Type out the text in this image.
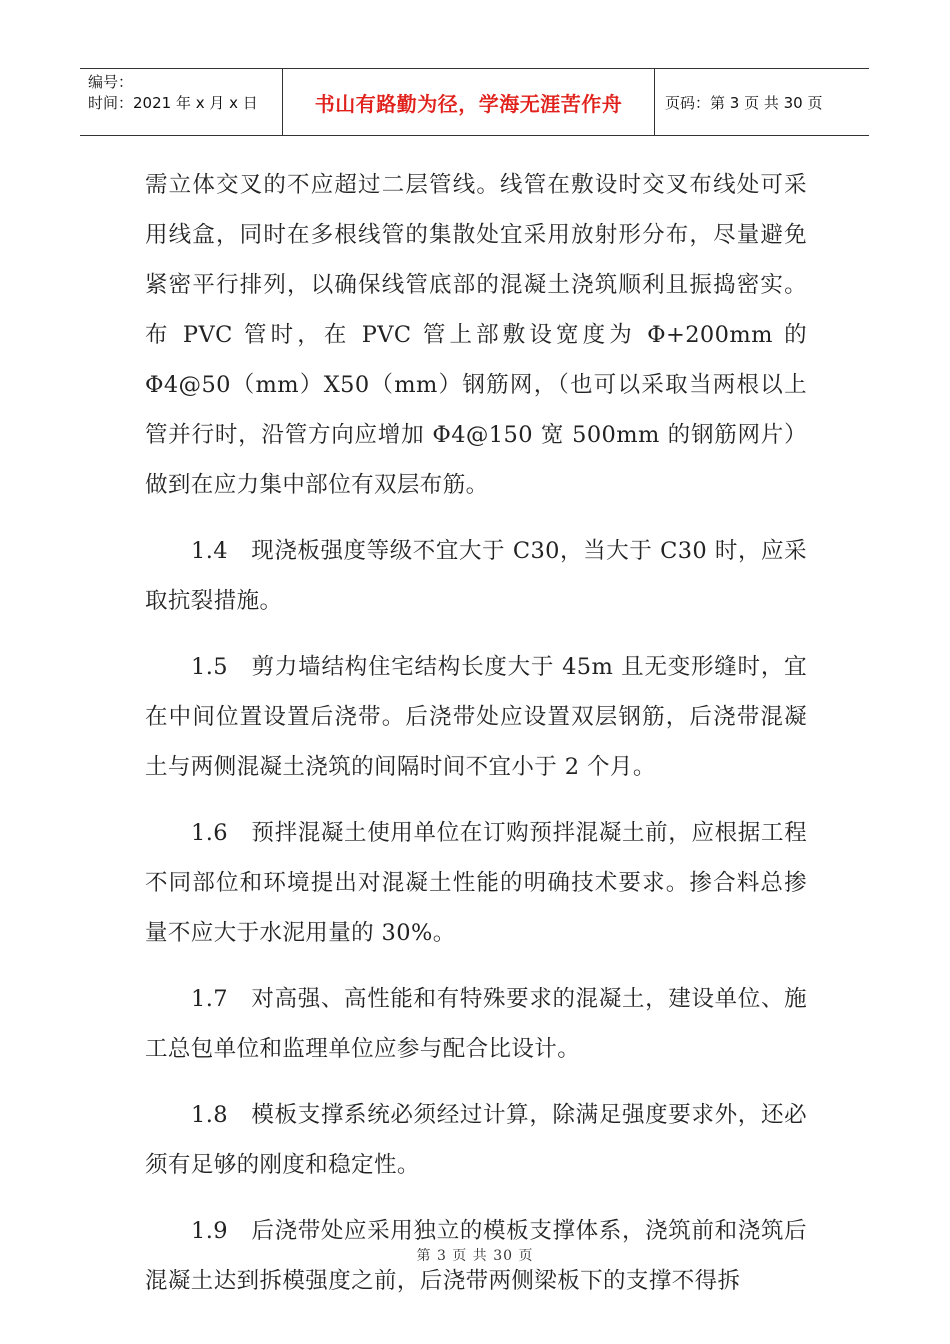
编号：
时间：2021 年 x 月 x 日	书山有路勤为径，学海无涯苦作舟	页码：第 3 页 共 30 页

需立体交叉的不应超过二层管线。线管在敷设时交叉布线处可采用线盒，同时在多根线管的集散处宜采用放射形分布，尽量避免紧密平行排列，以确保线管底部的混凝土浇筑顺利且振捣密实。布 PVC 管时，在 PVC 管上部敷设宽度为 Φ+200mm 的 Φ4@50（mm）Χ50（mm）钢筋网，（也可以采取当两根以上管并行时，沿管方向应增加 Φ4@150 宽 500mm 的钢筋网片）做到在应力集中部位有双层布筋。

1.4　现浇板强度等级不宜大于 C30，当大于 C30 时，应采取抗裂措施。

1.5　剪力墙结构住宅结构长度大于 45m 且无变形缝时，宜在中间位置设置后浇带。后浇带处应设置双层钢筋，后浇带混凝土与两侧混凝土浇筑的间隔时间不宜小于 2 个月。

1.6　预拌混凝土使用单位在订购预拌混凝土前，应根据工程不同部位和环境提出对混凝土性能的明确技术要求。掺合料总掺量不应大于水泥用量的 30%。

1.7　对高强、高性能和有特殊要求的混凝土，建设单位、施工总包单位和监理单位应参与配合比设计。

1.8　模板支撑系统必须经过计算，除满足强度要求外，还必须有足够的刚度和稳定性。

1.9　后浇带处应采用独立的模板支撑体系，浇筑前和浇筑后混凝土达到拆模强度之前，后浇带两侧梁板下的支撑不得拆

第 3 页 共 30 页
